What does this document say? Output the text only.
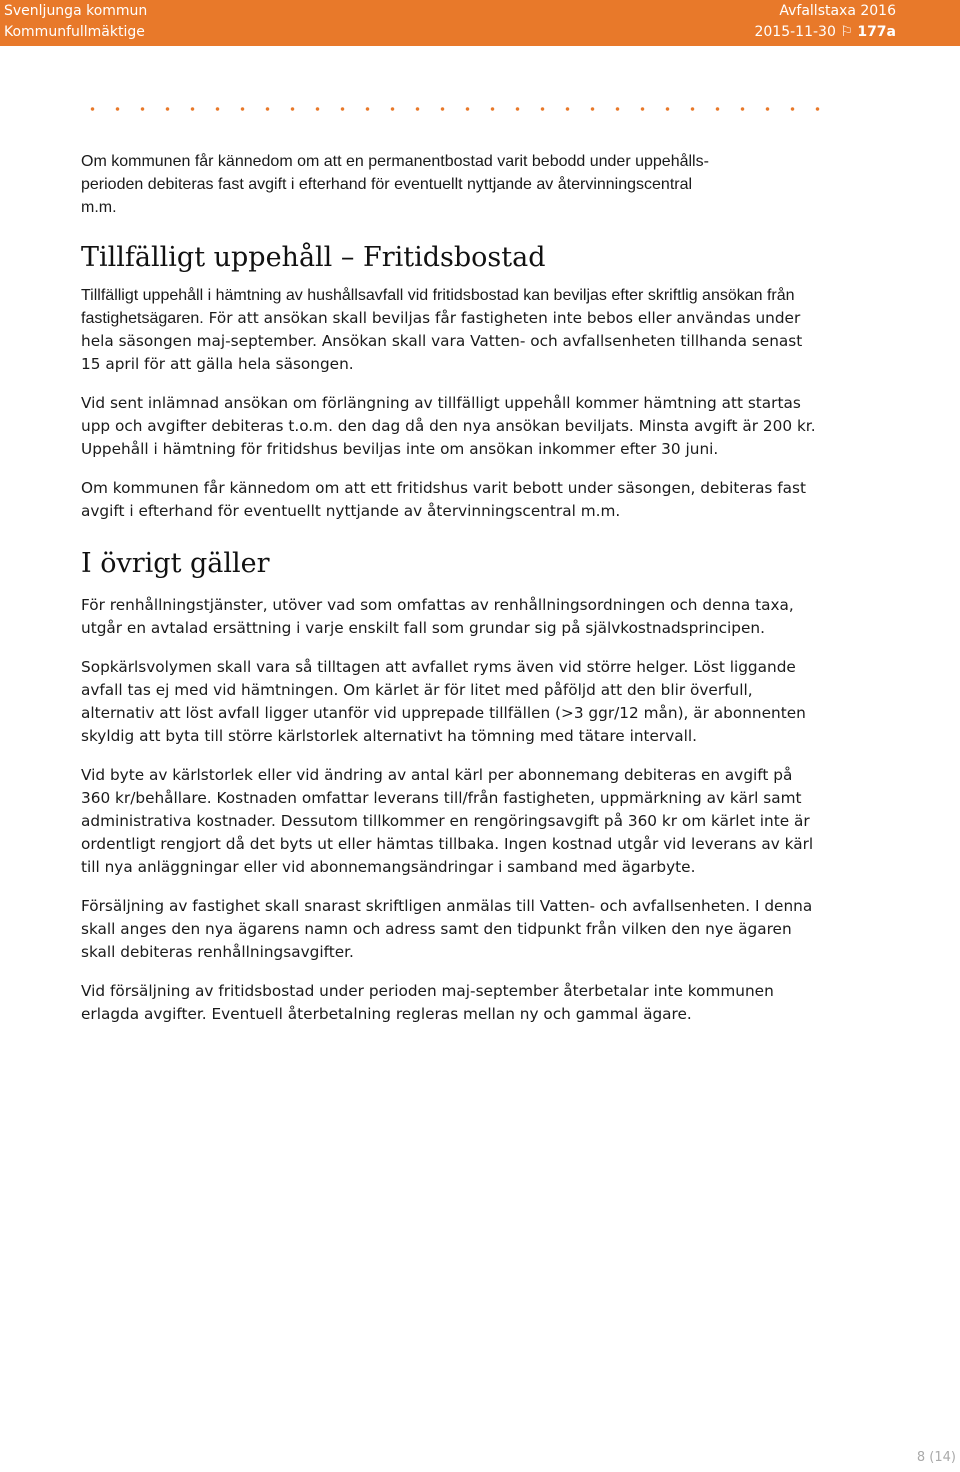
Svenljunga kommun
Kommunfullmäktige
Avfallstaxa 2016
2015-11-30 ⚐ 177a

Om kommunen får kännedom om att en permanentbostad varit bebodd under uppehålls-
perioden debiteras fast avgift i efterhand för eventuellt nyttjande av återvinningscentral
m.m.

Tillfälligt uppehåll – Fritidsbostad

Tillfälligt uppehåll i hämtning av hushållsavfall vid fritidsbostad kan beviljas efter skriftlig ansökan från fastighetsägaren. För att ansökan skall beviljas får fastigheten inte bebos eller användas under hela säsongen maj-september. Ansökan skall vara Vatten- och avfallsenheten tillhanda senast 15 april för att gälla hela säsongen.

Vid sent inlämnad ansökan om förlängning av tillfälligt uppehåll kommer hämtning att startas upp och avgifter debiteras t.o.m. den dag då den nya ansökan beviljats. Minsta avgift är 200 kr. Uppehåll i hämtning för fritidshus beviljas inte om ansökan inkommer efter 30 juni.

Om kommunen får kännedom om att ett fritidshus varit bebott under säsongen, debiteras fast avgift i efterhand för eventuellt nyttjande av återvinningscentral m.m.

I övrigt gäller

För renhållningstjänster, utöver vad som omfattas av renhållningsordningen och denna taxa, utgår en avtalad ersättning i varje enskilt fall som grundar sig på självkostnadsprincipen.

Sopkärlsvolymen skall vara så tilltagen att avfallet ryms även vid större helger. Löst liggande avfall tas ej med vid hämtningen. Om kärlet är för litet med påföljd att den blir överfull, alternativ att löst avfall ligger utanför vid upprepade tillfällen (>3 ggr/12 mån), är abonnenten skyldig att byta till större kärlstorlek alternativt ha tömning med tätare intervall.

Vid byte av kärlstorlek eller vid ändring av antal kärl per abonnemang debiteras en avgift på 360 kr/behållare. Kostnaden omfattar leverans till/från fastigheten, uppmärkning av kärl samt administrativa kostnader. Dessutom tillkommer en rengöringsavgift på 360 kr om kärlet inte är ordentligt rengjort då det byts ut eller hämtas tillbaka. Ingen kostnad utgår vid leverans av kärl till nya anläggningar eller vid abonnemangsändringar i samband med ägarbyte.

Försäljning av fastighet skall snarast skriftligen anmälas till Vatten- och avfallsenheten. I denna skall anges den nya ägarens namn och adress samt den tidpunkt från vilken den nye ägaren skall debiteras renhållningsavgifter.

Vid försäljning av fritidsbostad under perioden maj-september återbetalar inte kommunen erlagda avgifter. Eventuell återbetalning regleras mellan ny och gammal ägare.

8 (14)
